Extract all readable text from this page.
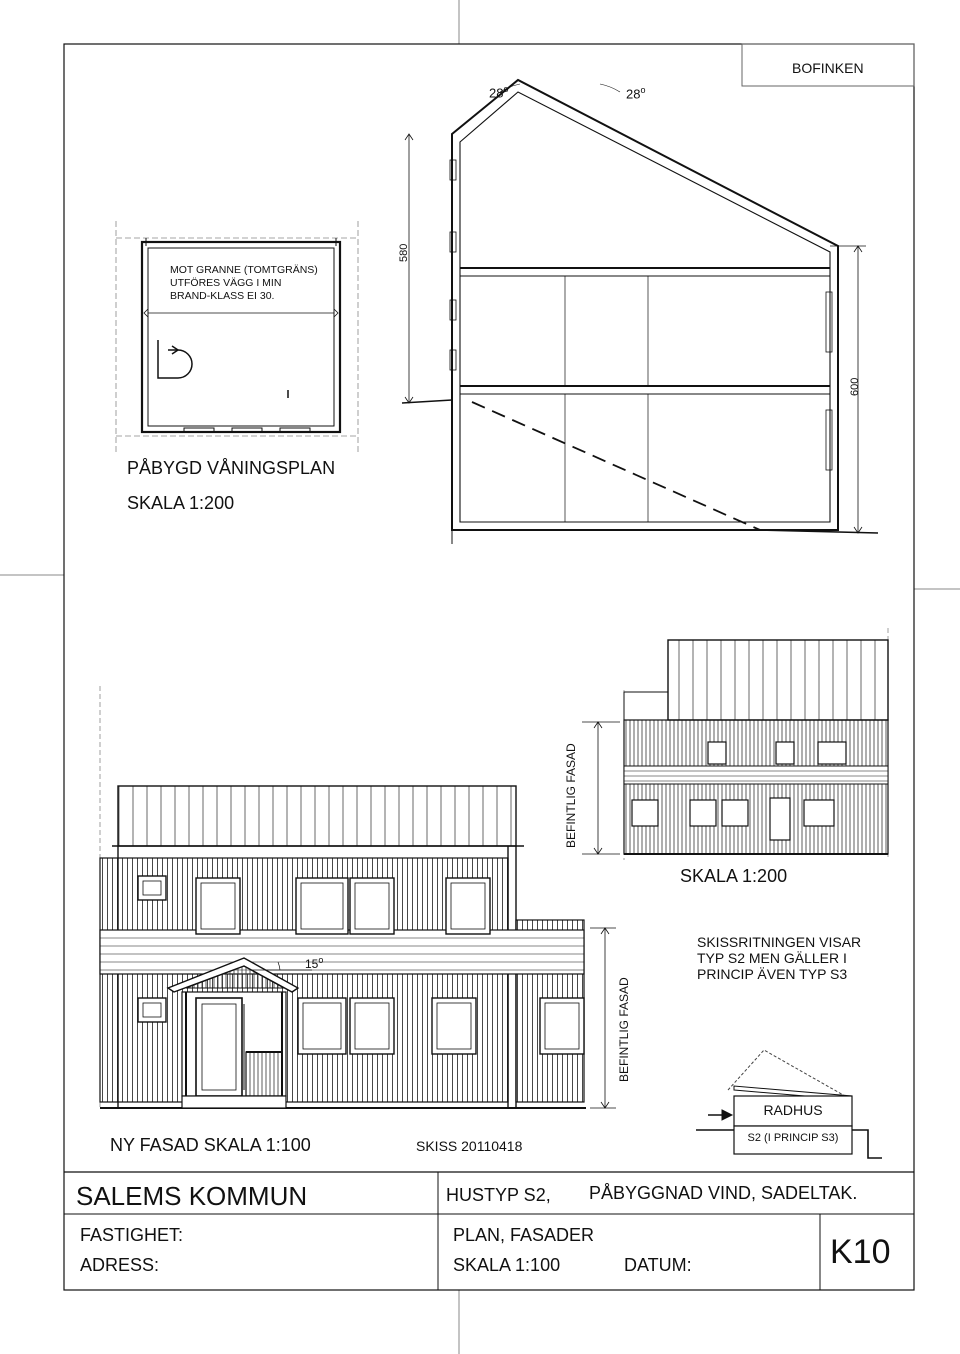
BOFINKEN
28$^o$	28$^o$
MOT GRANNE (TOMTGRÄNS)
UTFÖRES VÄGG I MIN
BRAND-KLASS EI 30.
PÅBYGD VÅNINGSPLAN
SKALA 1:200
580
600
BEFINTLIG FASAD
SKALA 1:200
15$^o$
BEFINTLIG FASAD
SKISSRITNINGEN VISAR
TYP S2 MEN GÄLLER I
PRINCIP ÄVEN TYP S3
RADHUS
S2 (I PRINCIP S3)
NY FASAD SKALA 1:100	SKISS 20110418
SALEMS KOMMUN	HUSTYP S2, PÅBYGGNAD VIND, SADELTAK.
FASTIGHET:	PLAN, FASADER
ADRESS:	SKALA 1:100	DATUM:	K10
